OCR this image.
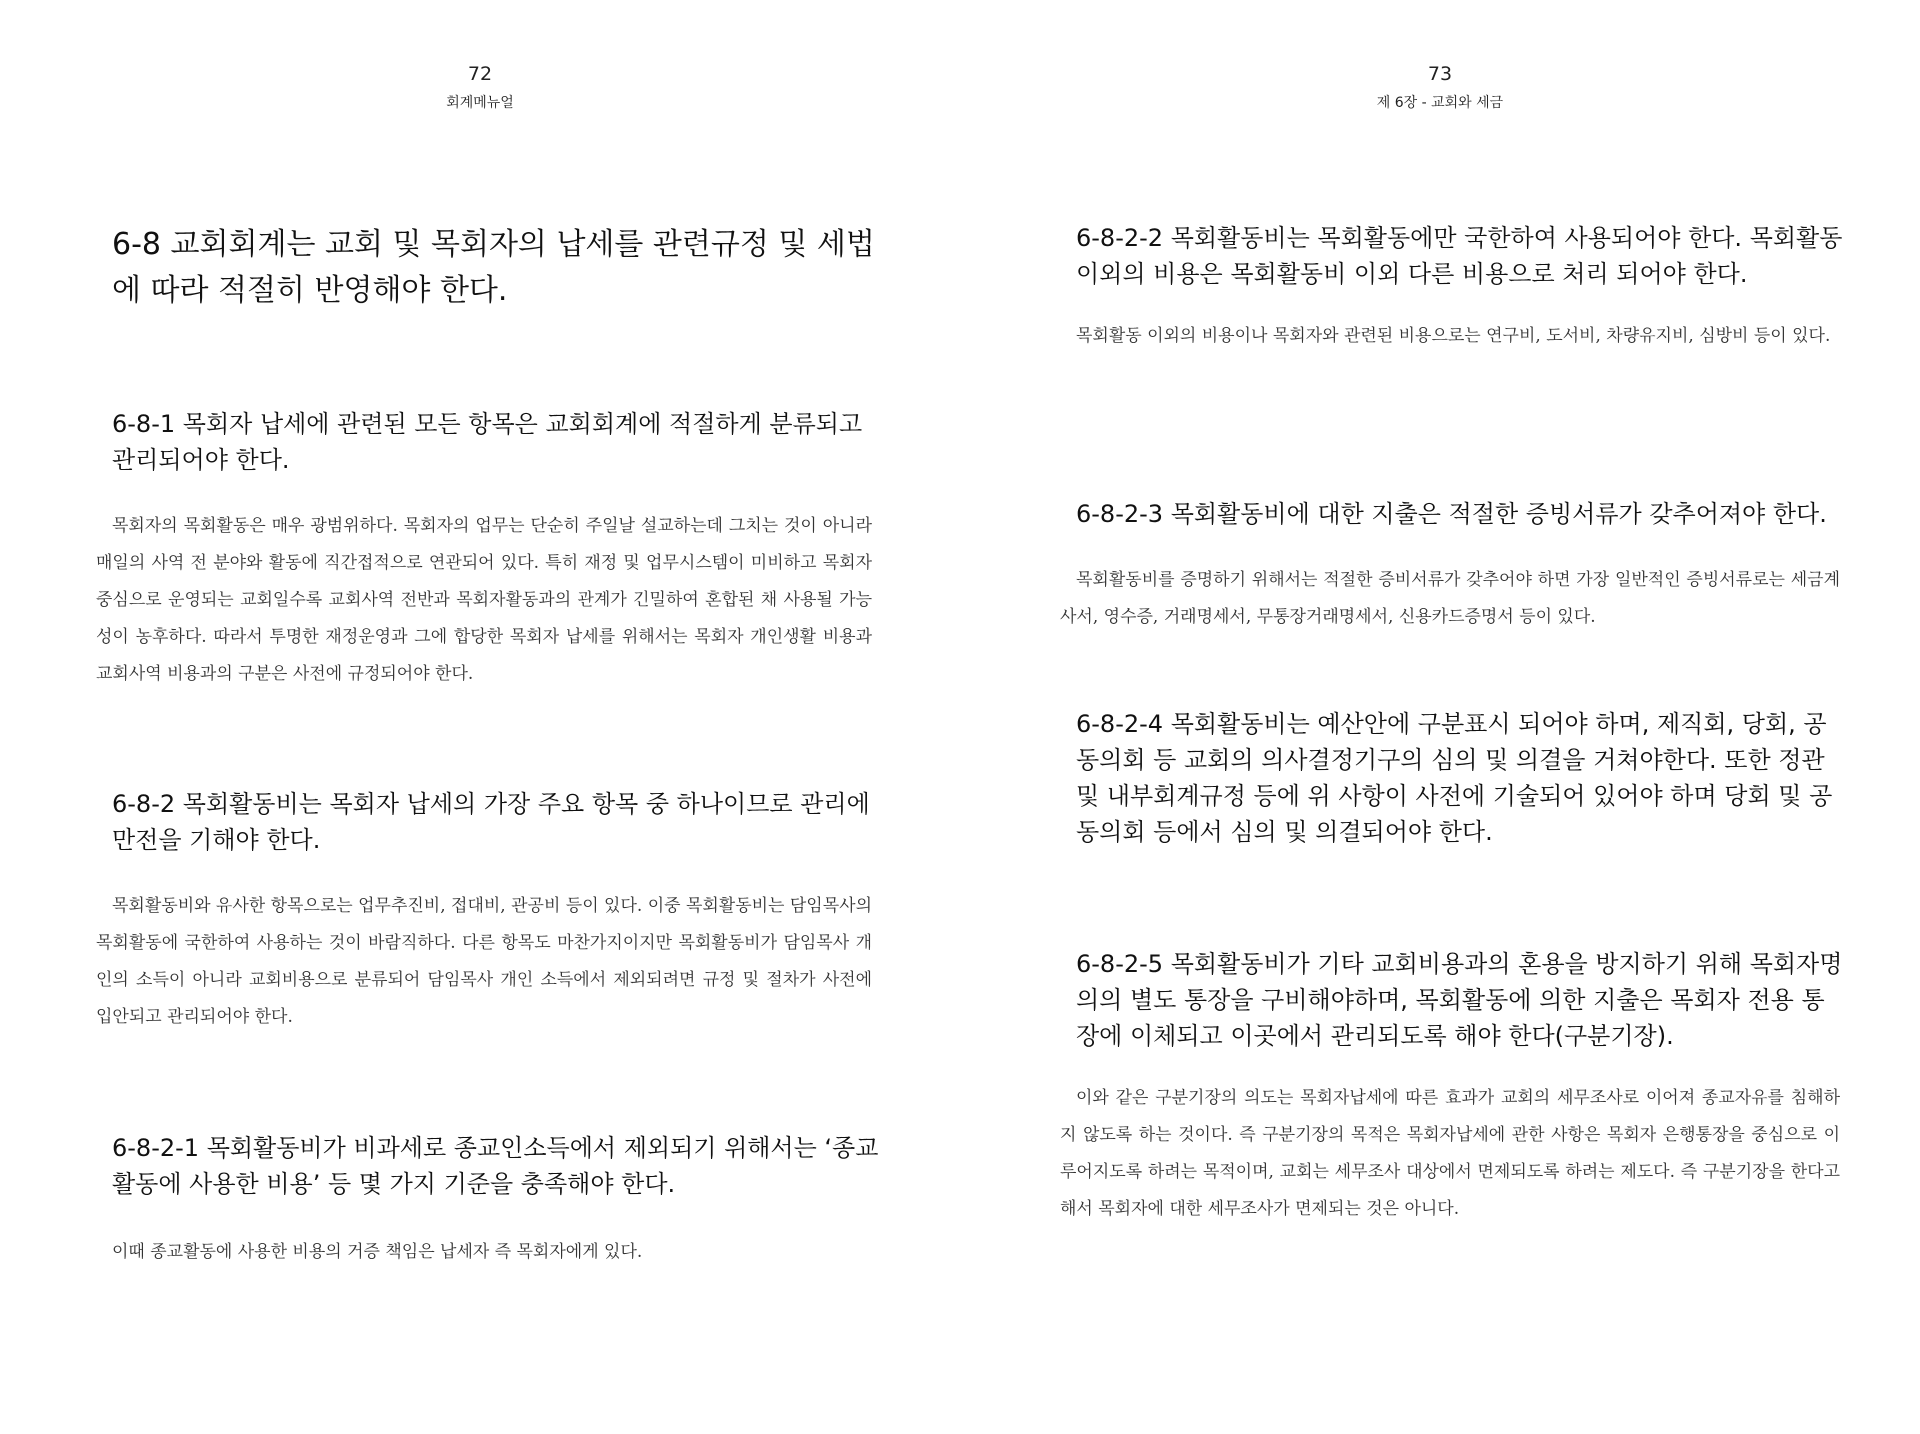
72
회계메뉴얼
6-8 교회회계는 교회 및 목회자의 납세를 관련규정 및 세법에 따라 적절히 반영해야 한다.
6-8-1 목회자 납세에 관련된 모든 항목은 교회회계에 적절하게 분류되고 관리되어야 한다.

목회자의 목회활동은 매우 광범위하다. 목회자의 업무는 단순히 주일날 설교하는데 그치는 것이 아니라 매일의 사역 전 분야와 활동에 직간접적으로 연관되어 있다. 특히 재정 및 업무시스템이 미비하고 목회자 중심으로 운영되는 교회일수록 교회사역 전반과 목회자활동과의 관계가 긴밀하여 혼합된 채 사용될 가능성이 농후하다. 따라서 투명한 재정운영과 그에 합당한 목회자 납세를 위해서는 목회자 개인생활 비용과 교회사역 비용과의 구분은 사전에 규정되어야 한다.

6-8-2 목회활동비는 목회자 납세의 가장 주요 항목 중 하나이므로 관리에 만전을 기해야 한다.

목회활동비와 유사한 항목으로는 업무추진비, 접대비, 관공비 등이 있다. 이중 목회활동비는 담임목사의 목회활동에 국한하여 사용하는 것이 바람직하다. 다른 항목도 마찬가지이지만 목회활동비가 담임목사 개인의 소득이 아니라 교회비용으로 분류되어 담임목사 개인 소득에서 제외되려면 규정 및 절차가 사전에 입안되고 관리되어야 한다.

6-8-2-1 목회활동비가 비과세로 종교인소득에서 제외되기 위해서는 ‘종교활동에 사용한 비용’ 등 몇 가지 기준을 충족해야 한다.

이때 종교활동에 사용한 비용의 거증 책임은 납세자 즉 목회자에게 있다.

73
제 6장 - 교회와 세금
6-8-2-2 목회활동비는 목회활동에만 국한하여 사용되어야 한다. 목회활동 이외의 비용은 목회활동비 이외 다른 비용으로 처리 되어야 한다.

목회활동 이외의 비용이나 목회자와 관련된 비용으로는 연구비, 도서비, 차량유지비, 심방비 등이 있다.

6-8-2-3 목회활동비에 대한 지출은 적절한 증빙서류가 갖추어져야 한다.

목회활동비를 증명하기 위해서는 적절한 증비서류가 갖추어야 하면 가장 일반적인 증빙서류로는 세금계사서, 영수증, 거래명세서, 무통장거래명세서, 신용카드증명서 등이 있다.

6-8-2-4 목회활동비는 예산안에 구분표시 되어야 하며, 제직회, 당회, 공동의회 등 교회의 의사결정기구의 심의 및 의결을 거쳐야한다. 또한 정관 및 내부회계규정 등에 위 사항이 사전에 기술되어 있어야 하며 당회 및 공동의회 등에서 심의 및 의결되어야 한다.
6-8-2-5 목회활동비가 기타 교회비용과의 혼용을 방지하기 위해 목회자명의의 별도 통장을 구비해야하며, 목회활동에 의한 지출은 목회자 전용 통장에 이체되고 이곳에서 관리되도록 해야 한다(구분기장).

이와 같은 구분기장의 의도는 목회자납세에 따른 효과가 교회의 세무조사로 이어져 종교자유를 침해하지 않도록 하는 것이다. 즉 구분기장의 목적은 목회자납세에 관한 사항은 목회자 은행통장을 중심으로 이루어지도록 하려는 목적이며, 교회는 세무조사 대상에서 면제되도록 하려는 제도다. 즉 구분기장을 한다고 해서 목회자에 대한 세무조사가 면제되는 것은 아니다.
